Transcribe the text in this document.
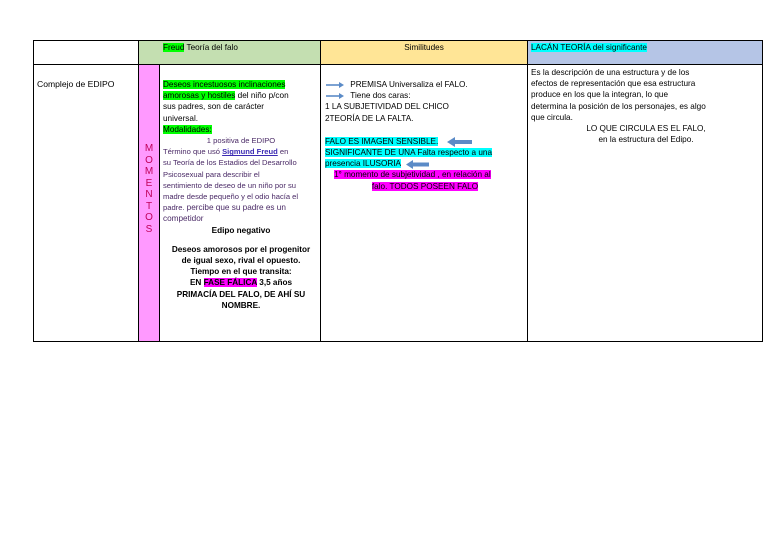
Freud Teoría del falo	Similitudes	LACÁN TEORÍA del significante
Complejo de EDIPO
M
O
M
E
N
T
O
S
Deseos incestuosos inclinaciones
amorosas y hostiles del niño p/con
sus padres, son de carácter
universal.
Modalidades:
1 positiva de EDIPO
Término que usó Sigmund Freud en
su Teoría de los Estadios del Desarrollo
Psicosexual para describir el
sentimiento de deseo de un niño por su
madre desde pequeño y el odio hacía el
padre. percibe que su padre es un
competidor
Edipo negativo
Deseos amorosos por el progenitor
de igual sexo, rival el opuesto.
Tiempo en el que transita:
EN FASE FÁLICA 3,5 años
PRIMACÍA DEL FALO, DE AHÍ SU
NOMBRE.
PREMISA Universaliza el FALO.
Tiene dos caras:
1 LA SUBJETIVIDAD DEL CHICO
2TEORÍA DE LA FALTA.
FALO ES IMAGEN SENSIBLE.
SIGNIFICANTE DE UNA Falta respecto a una
presencia ILUSORIA
1° momento de subjetividad , en relación al
falo. TODOS POSEEN FALO
Es la descripción de una estructura y de los
efectos de representación que esa estructura
produce en los que la integran, lo que
determina la posición de los personajes, es algo
que circula.
LO QUE CIRCULA ES EL FALO,
en la estructura del Edipo.
